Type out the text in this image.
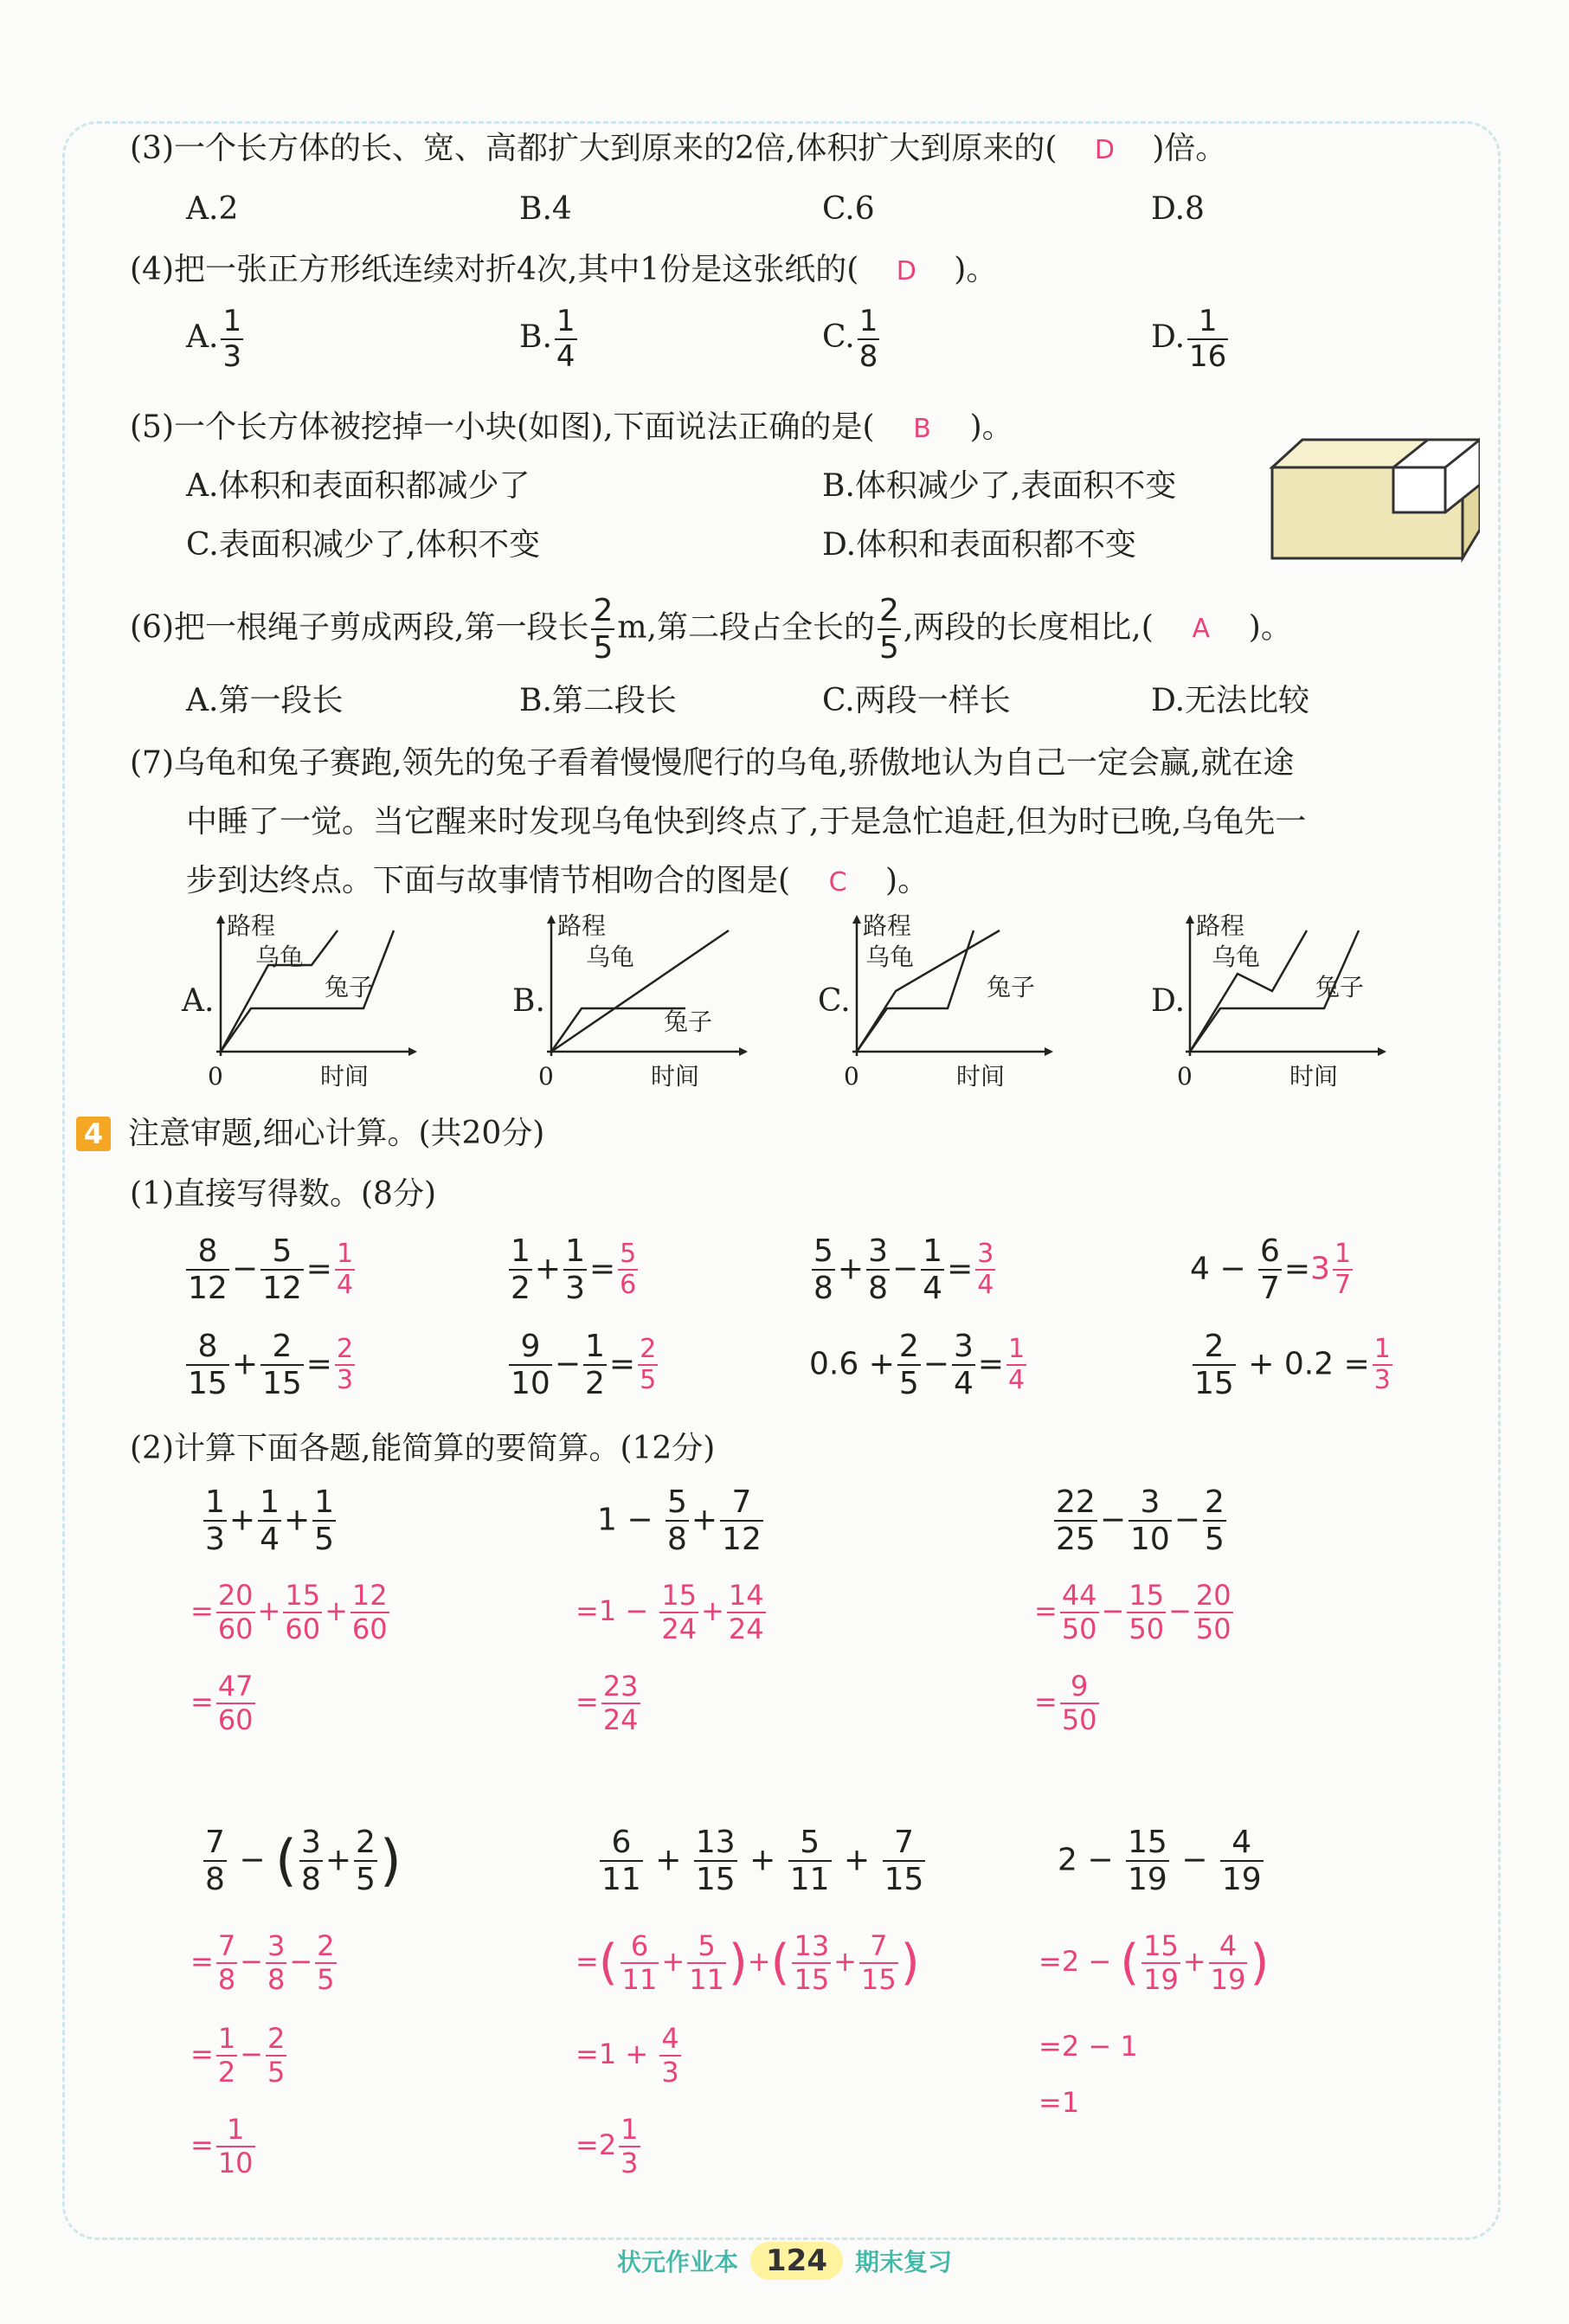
(3)一个长方体的长、宽、高都扩大到原来的2倍,体积扩大到原来的( D )倍。
A.2	B.4	C.6	D.8
(4)把一张正方形纸连续对折4次,其中1份是这张纸的( D )。
A. $\frac{1}{3}$	B. $\frac{1}{4}$	C. $\frac{1}{8}$	D. $\frac{1}{16}$
(5)一个长方体被挖掉一小块(如图),下面说法正确的是( B )。
A.体积和表面积都减少了	B.体积减少了,表面积不变
C.表面积减少了,体积不变	D.体积和表面积都不变
(6)把一根绳子剪成两段,第一段长 $\frac{2}{5} m$,第二段占全长的 $\frac{2}{5}$ ,两段的长度相比,( A )。
A.第一段长	B.第二段长	C.两段一样长	D.无法比较
(7)乌龟和兔子赛跑,领先的兔子看着慢慢爬行的乌龟,骄傲地认为自己一定会赢,就在途
中睡了一觉。当它醒来时发现乌龟快到终点了,于是急忙追赶,但为时已晚,乌龟先一
步到达终点。下面与故事情节相吻合的图是( C )。
A.
路程
时间
0
乌龟
兔子	B.
路程
时间
0
乌龟
兔子
C.
路程
时间
0
乌龟
兔子	D.
路程
时间
0
乌龟
兔子
4 注意审题,细心计算。(共20分)
(1)直接写得数。(8分)
$\frac{8}{12} - \frac{5}{12} = \frac{1}{4}$	$\frac{1}{2} + \frac{1}{3} = \frac{5}{6}$	$\frac{5}{8} + \frac{3}{8} - \frac{1}{4} = \frac{3}{4}$	$4 - \frac{6}{7} =3 \frac{1}{7}$
$\frac{8}{15} + \frac{2}{15} = \frac{2}{3}$	$\frac{9}{10} - \frac{1}{2} = \frac{2}{5}$	$0.6 + \frac{2}{5} - \frac{3}{4} = \frac{1}{4}$	$\frac{2}{15} + 0.2 = \frac{1}{3}$
(2)计算下面各题,能简算的要简算。(12分)
$\frac{1}{3} + \frac{1}{4} + \frac{1}{5}$
= $\frac{20}{60} + \frac{15}{60} + \frac{12}{60}$
= $\frac{47}{60}$
$1 - \frac{5}{8} + \frac{7}{12}$
$=1 - \frac{15}{24} + \frac{14}{24}$
= $\frac{23}{24}$
$\frac{22}{25} - \frac{3}{10} - \frac{2}{5}$
= $\frac{44}{50} - \frac{15}{50} - \frac{20}{50}$
= $\frac{9}{50}$
$\frac{7}{8}$ − ( $\frac{3}{8} + \frac{2}{5}$ )
= $\frac{7}{8} - \frac{3}{8} - \frac{2}{5}$
= $\frac{1}{2} - \frac{2}{5}$
= $\frac{1}{10}$
$\frac{6}{11} + \frac{13}{15} + \frac{5}{11} + \frac{7}{15}$
=( $\frac{6}{11} + \frac{5}{11}$ )+( $\frac{13}{15} + \frac{7}{15}$ )
$=1 + \frac{4}{3}$
$=2 \frac{1}{3}$
$2 - \frac{15}{19} - \frac{4}{19}$
=2 − ( $\frac{15}{19} + \frac{4}{19}$ )
=2 − 1
=1
状元作业本 124 期末复习
